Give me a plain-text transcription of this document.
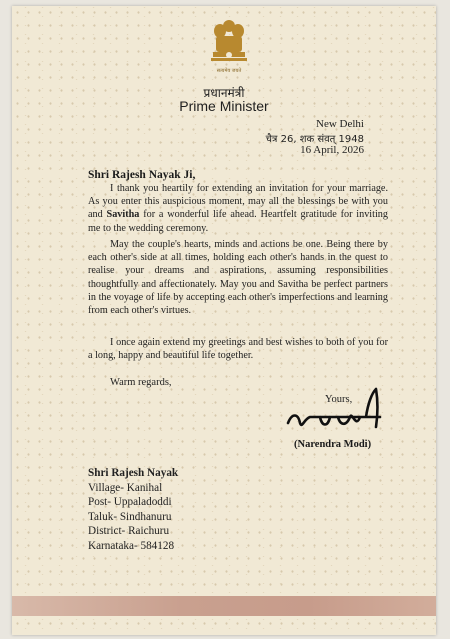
सत्यमेव जयते
प्रधानमंत्री
Prime Minister
New Delhi
चैत्र 26, शक संवत् 1948
16 April, 2026
Shri Rajesh Nayak Ji,
I thank you heartily for extending an invitation for your marriage. As you enter this auspicious moment, may all the blessings be with you and Savitha for a wonderful life ahead. Heartfelt gratitude for inviting me to the wedding ceremony.
May the couple's hearts, minds and actions be one. Being there by each other's side at all times, holding each other's hands in the quest to realise your dreams and aspirations, assuming responsibilities thoughtfully and affectionately. May you and Savitha be perfect partners in the voyage of life by accepting each other's imperfections and learning from each other's virtues.
I once again extend my greetings and best wishes to both of you for a long, happy and beautiful life together.
Warm regards,
Yours,
(Narendra Modi)
Shri Rajesh Nayak
Village- Kanihal
Post- Uppaladoddi
Taluk- Sindhanuru
District- Raichuru
Karnataka- 584128
